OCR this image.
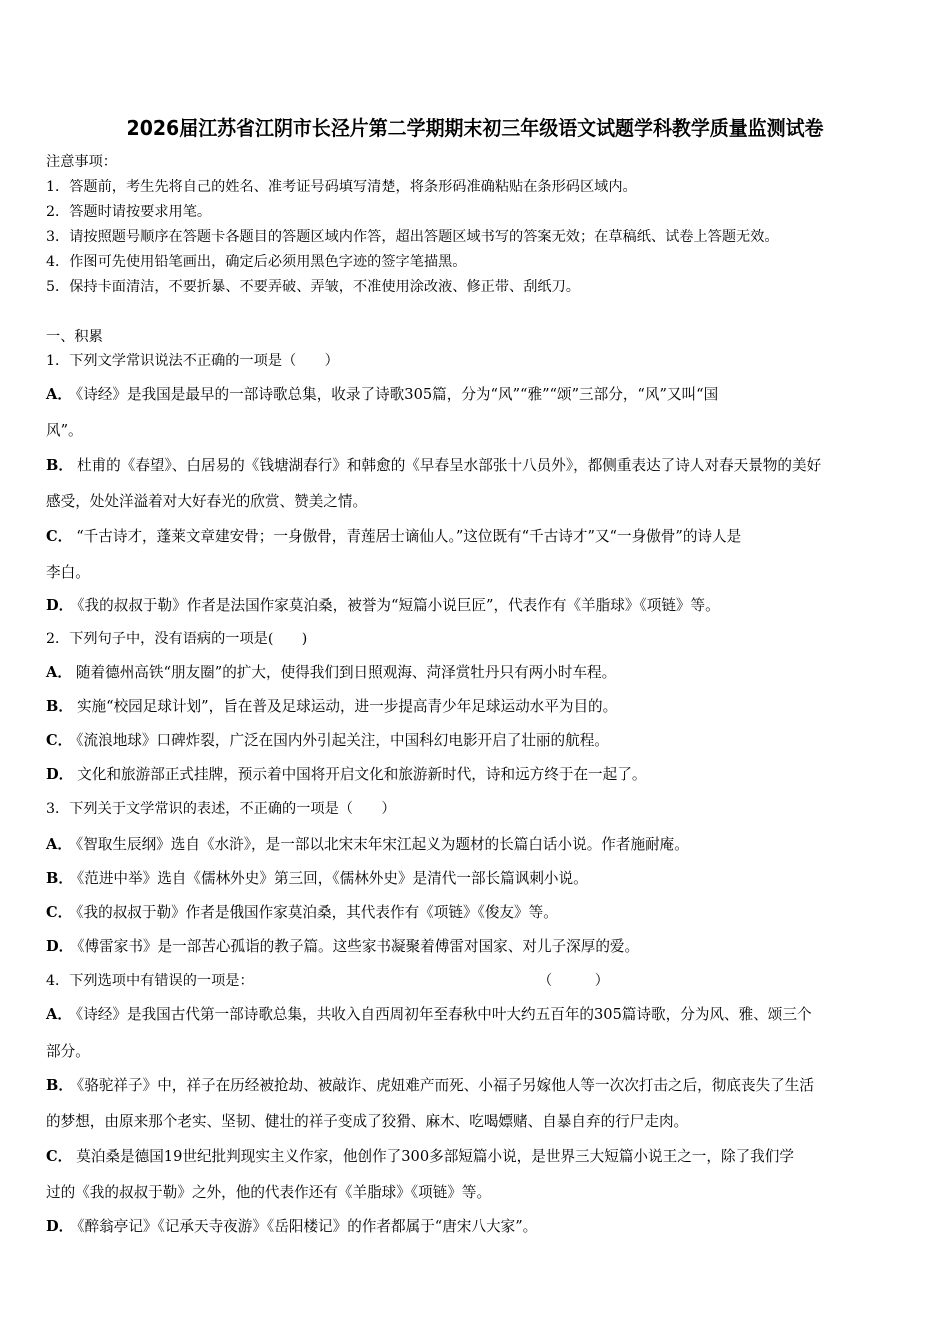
2026届江苏省江阴市长泾片第二学期期末初三年级语文试题学科教学质量监测试卷
注意事项：
1．答题前，考生先将自己的姓名、准考证号码填写清楚，将条形码准确粘贴在条形码区域内。
2．答题时请按要求用笔。
3．请按照题号顺序在答题卡各题目的答题区域内作答，超出答题区域书写的答案无效；在草稿纸、试卷上答题无效。
4．作图可先使用铅笔画出，确定后必须用黑色字迹的签字笔描黑。
5．保持卡面清洁，不要折暴、不要弄破、弄皱，不准使用涂改液、修正带、刮纸刀。
一、积累
1．下列文学常识说法不正确的一项是（　　）
A． 《诗经》是我国是最早的一部诗歌总集，收录了诗歌305篇，分为“风”“雅”“颂”三部分，“风”又叫“国
风”。
B． 杜甫的《春望》、白居易的《钱塘湖春行》和韩愈的《早春呈水部张十八员外》，都侧重表达了诗人对春天景物的美好
感受，处处洋溢着对大好春光的欣赏、赞美之情。
C． “千古诗才，蓬莱文章建安骨；一身傲骨，青莲居士谪仙人。”这位既有“千古诗才”又“一身傲骨”的诗人是
李白。
D． 《我的叔叔于勒》作者是法国作家莫泊桑，被誉为“短篇小说巨匠”，代表作有《羊脂球》《项链》等。
2．下列句子中，没有语病的一项是(　　)
A． 随着德州高铁“朋友圈”的扩大，使得我们到日照观海、菏泽赏牡丹只有两小时车程。
B． 实施“校园足球计划”，旨在普及足球运动，进一步提高青少年足球运动水平为目的。
C． 《流浪地球》口碑炸裂，广泛在国内外引起关注，中国科幻电影开启了壮丽的航程。
D． 文化和旅游部正式挂牌，预示着中国将开启文化和旅游新时代，诗和远方终于在一起了。
3．下列关于文学常识的表述，不正确的一项是（　　）
A． 《智取生辰纲》选自《水浒》，是一部以北宋末年宋江起义为题材的长篇白话小说。作者施耐庵。
B． 《范进中举》选自《儒林外史》第三回，《儒林外史》是清代一部长篇讽刺小说。
C． 《我的叔叔于勒》作者是俄国作家莫泊桑，其代表作有《项链》《俊友》等。
D． 《傅雷家书》是一部苦心孤诣的教子篇。这些家书凝聚着傅雷对国家、对儿子深厚的爱。
4．下列选项中有错误的一项是：	（　　　）
A． 《诗经》是我国古代第一部诗歌总集，共收入自西周初年至春秋中叶大约五百年的305篇诗歌，分为风、雅、颂三个
部分。
B． 《骆驼祥子》中，祥子在历经被抢劫、被敲诈、虎妞难产而死、小福子另嫁他人等一次次打击之后，彻底丧失了生活
的梦想，由原来那个老实、坚韧、健壮的祥子变成了狡猾、麻木、吃喝嫖赌、自暴自弃的行尸走肉。
C． 莫泊桑是德国19世纪批判现实主义作家，他创作了300多部短篇小说，是世界三大短篇小说王之一，除了我们学
过的《我的叔叔于勒》之外，他的代表作还有《羊脂球》《项链》等。
D． 《醉翁亭记》《记承天寺夜游》《岳阳楼记》的作者都属于“唐宋八大家”。
